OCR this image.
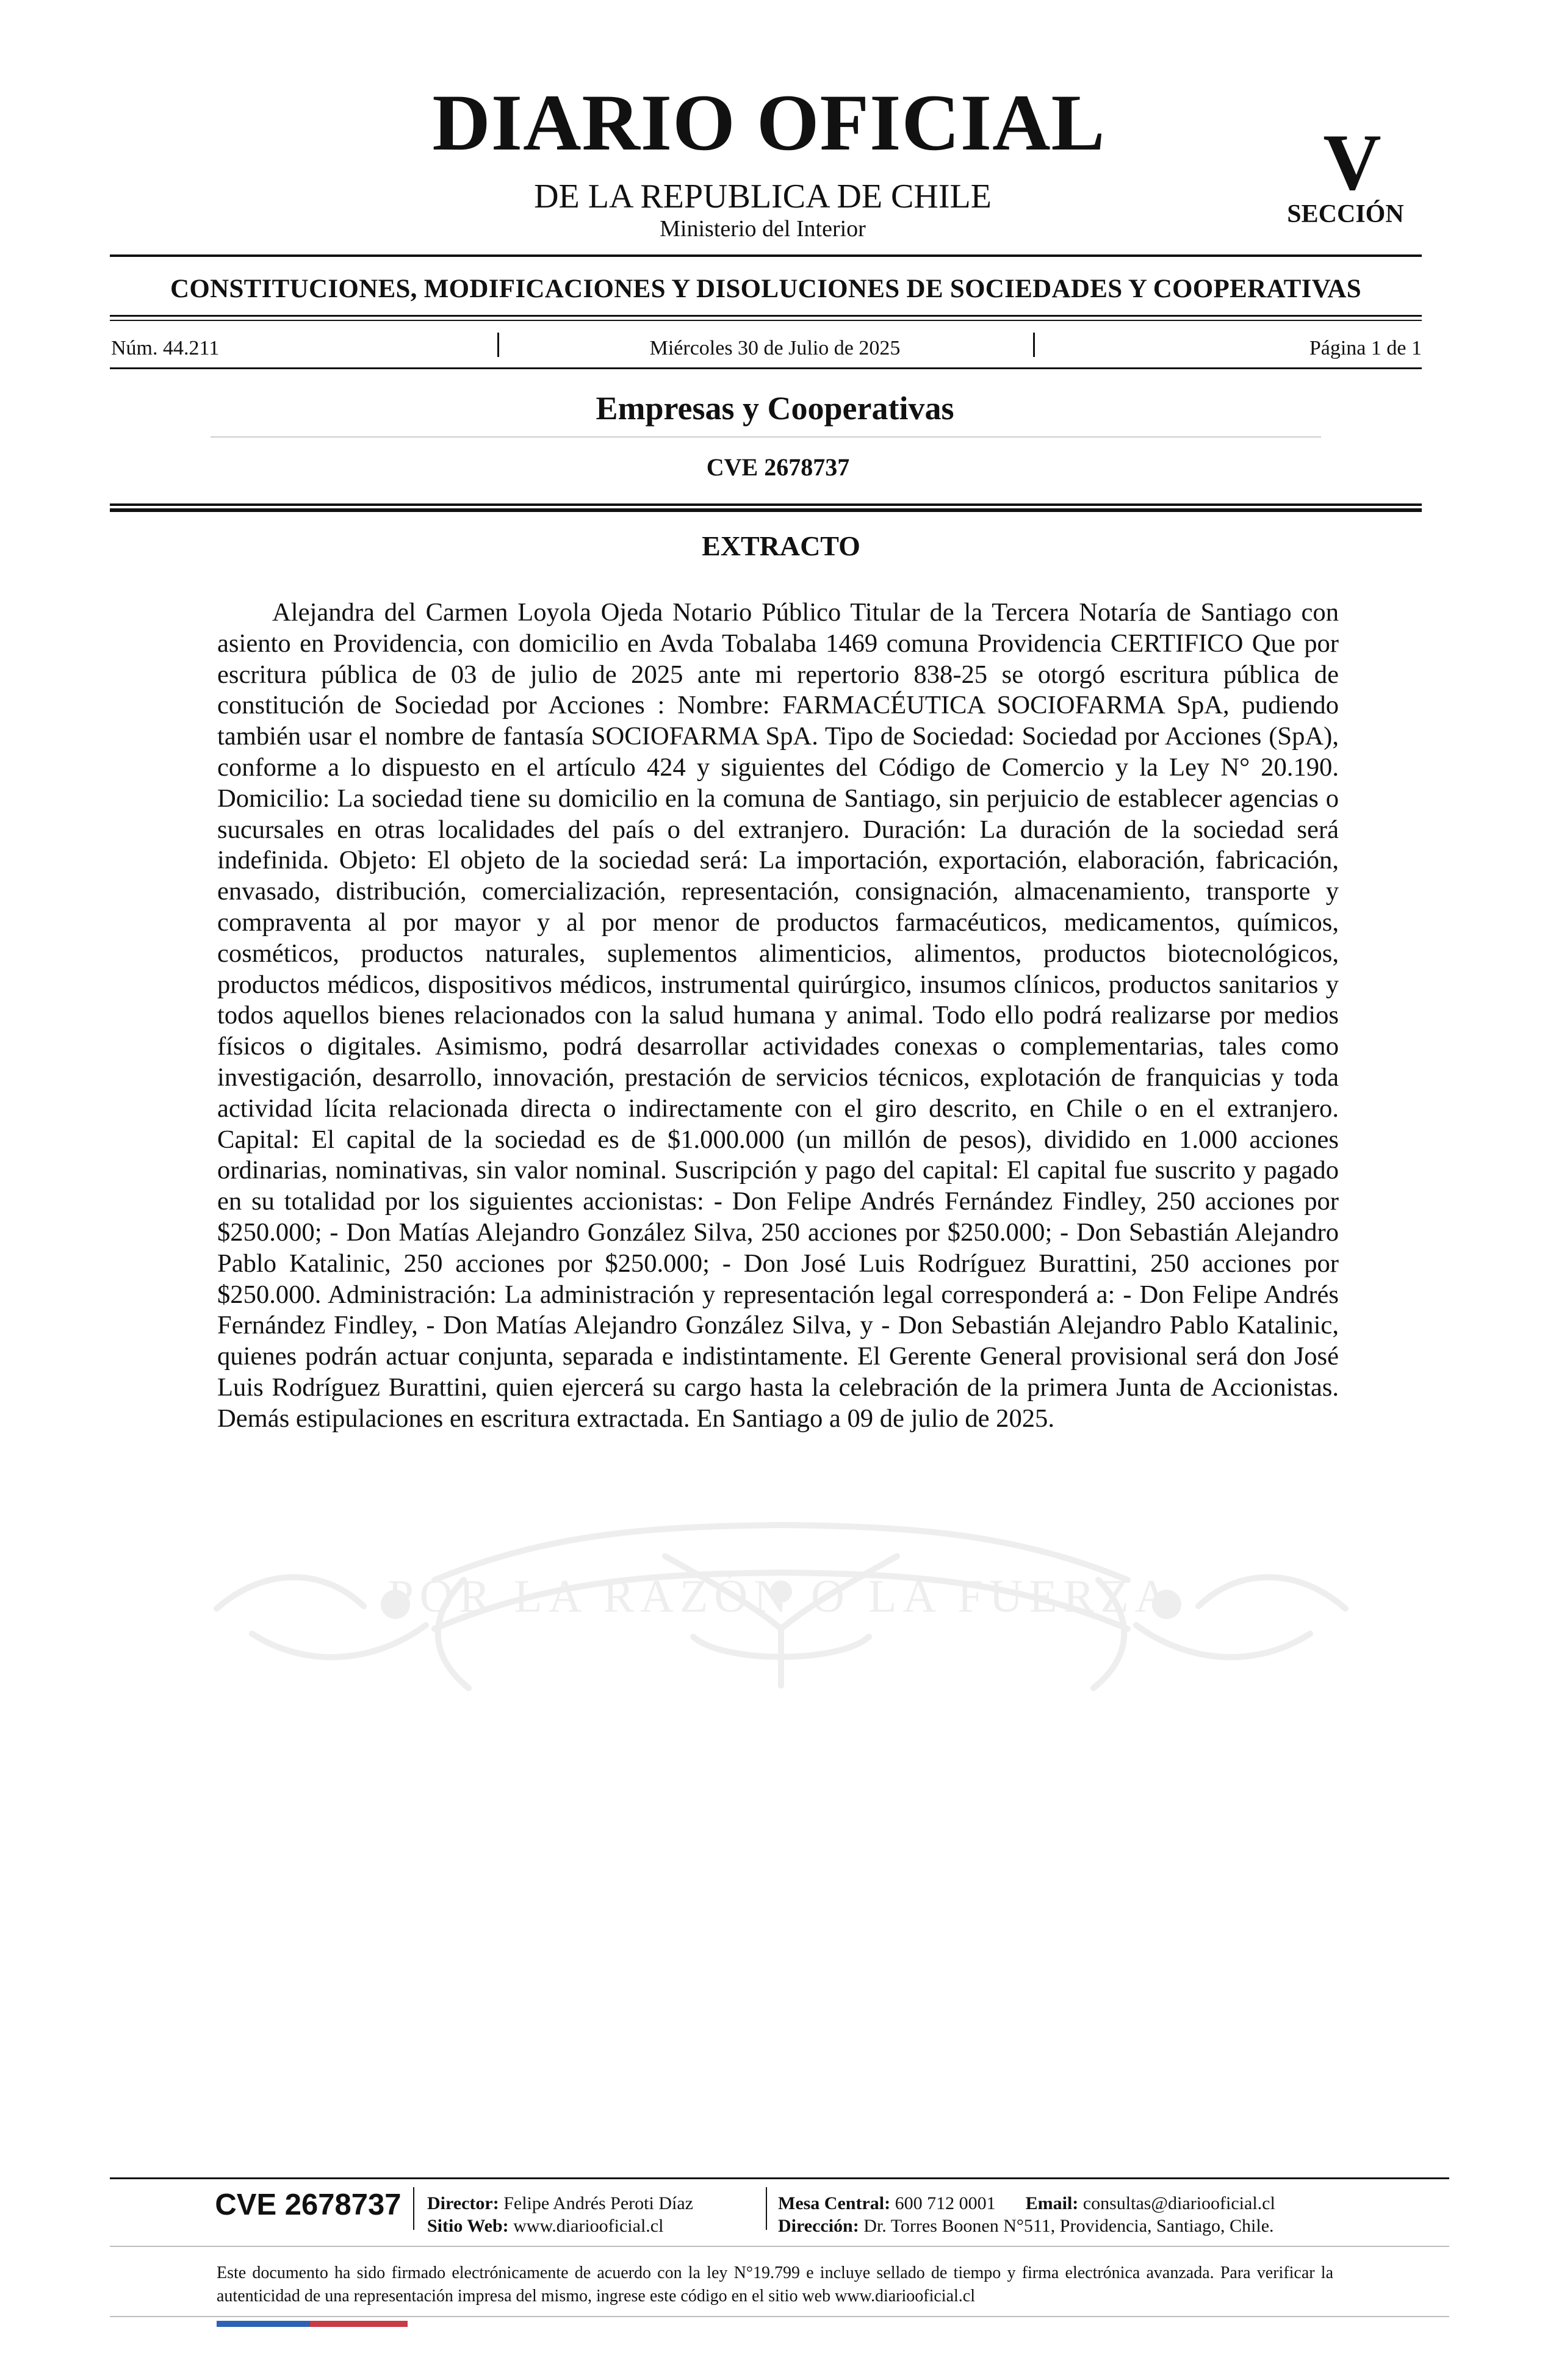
DIARIO OFICIAL
DE LA REPUBLICA DE CHILE
Ministerio del Interior
V
SECCIÓN
CONSTITUCIONES, MODIFICACIONES Y DISOLUCIONES DE SOCIEDADES Y COOPERATIVAS
Núm. 44.211	Miércoles 30 de Julio de 2025	Página 1 de 1
Empresas y Cooperativas
CVE 2678737
EXTRACTO
POR LA RAZÓN O LA FUERZA
Alejandra del Carmen Loyola Ojeda Notario Público Titular de la Tercera Notaría de Santiago con asiento en Providencia, con domicilio en Avda Tobalaba 1469 comuna Providencia CERTIFICO Que por escritura pública de 03 de julio de 2025 ante mi repertorio 838-25 se otorgó escritura pública de constitución de Sociedad por Acciones : Nombre: FARMACÉUTICA SOCIOFARMA SpA, pudiendo también usar el nombre de fantasía SOCIOFARMA SpA. Tipo de Sociedad: Sociedad por Acciones (SpA), conforme a lo dispuesto en el artículo 424 y siguientes del Código de Comercio y la Ley N° 20.190. Domicilio: La sociedad tiene su domicilio en la comuna de Santiago, sin perjuicio de establecer agencias o sucursales en otras localidades del país o del extranjero. Duración: La duración de la sociedad será indefinida. Objeto: El objeto de la sociedad será: La importación, exportación, elaboración, fabricación, envasado, distribución, comercialización, representación, consignación, almacenamiento, transporte y compraventa al por mayor y al por menor de productos farmacéuticos, medicamentos, químicos, cosméticos, productos naturales, suplementos alimenticios, alimentos, productos biotecnológicos, productos médicos, dispositivos médicos, instrumental quirúrgico, insumos clínicos, productos sanitarios y todos aquellos bienes relacionados con la salud humana y animal. Todo ello podrá realizarse por medios físicos o digitales. Asimismo, podrá desarrollar actividades conexas o complementarias, tales como investigación, desarrollo, innovación, prestación de servicios técnicos, explotación de franquicias y toda actividad lícita relacionada directa o indirectamente con el giro descrito, en Chile o en el extranjero. Capital: El capital de la sociedad es de $1.000.000 (un millón de pesos), dividido en 1.000 acciones ordinarias, nominativas, sin valor nominal. Suscripción y pago del capital: El capital fue suscrito y pagado en su totalidad por los siguientes accionistas: - Don Felipe Andrés Fernández Findley, 250 acciones por $250.000; - Don Matías Alejandro González Silva, 250 acciones por $250.000; - Don Sebastián Alejandro Pablo Katalinic, 250 acciones por $250.000; - Don José Luis Rodríguez Burattini, 250 acciones por $250.000. Administración: La administración y representación legal corresponderá a: - Don Felipe Andrés Fernández Findley, - Don Matías Alejandro González Silva, y - Don Sebastián Alejandro Pablo Katalinic, quienes podrán actuar conjunta, separada e indistintamente. El Gerente General provisional será don José Luis Rodríguez Burattini, quien ejercerá su cargo hasta la celebración de la primera Junta de Accionistas. Demás estipulaciones en escritura extractada. En Santiago a 09 de julio de 2025.
CVE 2678737	Director: Felipe Andrés Peroti Díaz
Sitio Web: www.diariooficial.cl
Mesa Central: 600 712 0001 Email: consultas@diariooficial.cl
Dirección: Dr. Torres Boonen N°511, Providencia, Santiago, Chile.
Este documento ha sido firmado electrónicamente de acuerdo con la ley N°19.799 e incluye sellado de tiempo y firma electrónica avanzada. Para verificar la autenticidad de una representación impresa del mismo, ingrese este código en el sitio web www.diariooficial.cl
